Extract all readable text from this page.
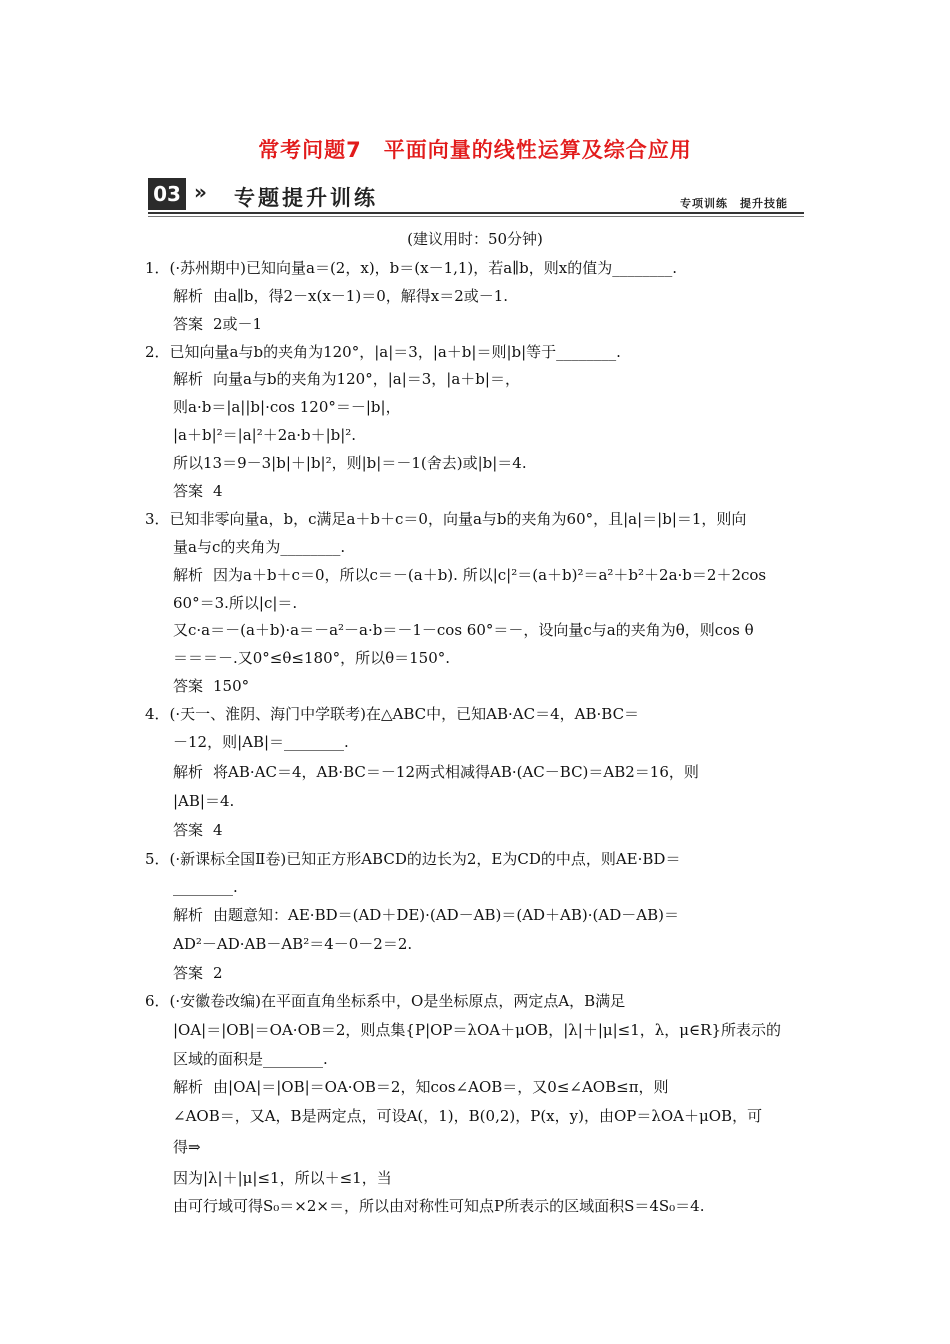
常考问题7　平面向量的线性运算及综合应用
03 » 专题提升训练	专项训练　提升技能
(建议用时：50分钟)
1．(·苏州期中)已知向量a＝(2，x)，b＝(x－1,1)，若a∥b，则x的值为________.
解析 由a∥b，得2－x(x－1)＝0，解得x＝2或－1.
答案 2或－1
2．已知向量a与b的夹角为120°，|a|＝3，|a＋b|＝则|b|等于________.
解析 向量a与b的夹角为120°，|a|＝3，|a＋b|＝，
则a·b＝|a||b|·cos 120°＝－|b|，
|a＋b|²＝|a|²＋2a·b＋|b|².
所以13＝9－3|b|＋|b|²，则|b|＝－1(舍去)或|b|＝4.
答案 4
3．已知非零向量a，b，c满足a＋b＋c＝0，向量a与b的夹角为60°，且|a|＝|b|＝1，则向
量a与c的夹角为________.
解析 因为a＋b＋c＝0，所以c＝－(a＋b). 所以|c|²＝(a＋b)²＝a²＋b²＋2a·b＝2＋2cos
60°＝3.所以|c|＝.
又c·a＝－(a＋b)·a＝－a²－a·b＝－1－cos 60°＝－，设向量c与a的夹角为θ，则cos θ
＝＝＝－.又0°≤θ≤180°，所以θ＝150°.
答案 150°
4．(·天一、淮阴、海门中学联考)在△ABC中，已知AB·AC＝4，AB·BC＝
－12，则|AB|＝________.
解析 将AB·AC＝4，AB·BC＝－12两式相减得AB·(AC－BC)＝AB2＝16，则
|AB|＝4.
答案 4
5．(·新课标全国Ⅱ卷)已知正方形ABCD的边长为2，E为CD的中点，则AE·BD＝
________.
解析 由题意知：AE·BD＝(AD＋DE)·(AD－AB)＝(AD＋AB)·(AD－AB)＝
AD²－AD·AB－AB²＝4－0－2＝2.
答案 2
6．(·安徽卷改编)在平面直角坐标系中，O是坐标原点，两定点A，B满足
|OA|＝|OB|＝OA·OB＝2，则点集{P|OP＝λOA＋μOB，|λ|＋|μ|≤1，λ，μ∈R}所表示的
区域的面积是________.
解析 由|OA|＝|OB|＝OA·OB＝2，知cos∠AOB＝，又0≤∠AOB≤π，则
∠AOB＝，又A，B是两定点，可设A(，1)，B(0,2)，P(x，y)，由OP＝λOA＋μOB，可
得⇒
因为|λ|＋|μ|≤1，所以＋≤1，当
由可行域可得S₀＝×2×＝，所以由对称性可知点P所表示的区域面积S＝4S₀＝4.
